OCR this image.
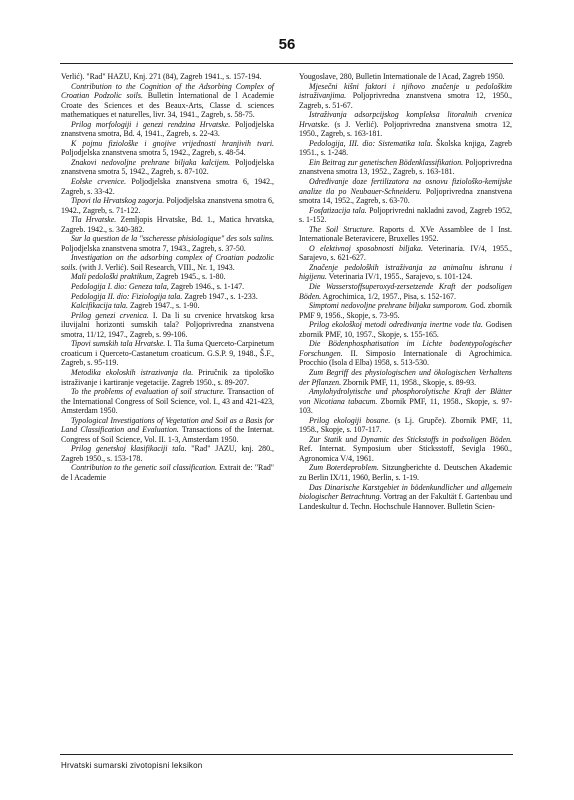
56

Verlić). "Rad" HAZU, Knj. 271 (84), Zagreb 1941., s. 157-194.

Contribution to the Cognition of the Adsorbing Complex of Croatian Podzolic soils. Bulletin International de l Academie Croate des Sciences et des Beaux-Arts, Classe d. sciences mathematiques et naturelles, livr. 34, 1941., Zagreb, s. 58-75.

Prilog morfologiji i genezi rendzina Hrvatske. Poljodjelska znanstvena smotra, Bd. 4, 1941., Zagreb, s. 22-43.

K pojmu fiziološke i gnojive vrijednosti hranjivih tvari. Poljodjelska znanstvena smotra 5, 1942., Zagreb, s. 48-54.

Znakovi nedovoljne prehrane biljaka kalcijem. Poljodjelska znanstvena smotra 5, 1942., Zagreb, s. 87-102.

Eolske crvenice. Poljodjelska znanstvena smotra 6, 1942., Zagreb, s. 33-42.

Tipovi tla Hrvatskog zagorja. Poljodjelska znanstvena smotra 6, 1942., Zagreb, s. 71-122.

Tla Hrvatske. Zemljopis Hrvatske, Bd. 1., Matica hrvatska, Zagreb. 1942., s. 340-382.

Sur la question de la "sscheresse phisiologique" des sols salins. Poljodjelska znanstvena smotra 7, 1943., Zagreb, s. 37-50.

Investigation on the adsorbing complex of Croatian podzolic soils. (with J. Verlić). Soil Research, VIII., Nr. 1, 1943.

Mali pedološki praktikum, Zagreb 1945., s. 1-80.

Pedologija I. dio: Geneza tala, Zagreb 1946., s. 1-147.

Pedologija II. dio: Fiziologija tala. Zagreb 1947., s. 1-233.

Kalcifikacija tala. Zagreb 1947., s. 1-90.

Prilog genezi crvenica. I. Da li su crvenice hrvatskog krsa iluvijalni horizonti sumskih tala? Poljoprivredna znanstvena smotra, 11/12, 1947., Zagreb, s. 99-106.

Tipovi sumskih tala Hrvatske. I. Tla šuma Querceto-Carpinetum croaticum i Querceto-Castanetum croaticum. G.S.P. 9, 1948., Š.F., Zagreb, s. 95-119.

Metodika ekoloskih istrazivanja tla. Priručnik za tipološko istraživanje i kartiranje vegetacije. Zagreb 1950., s. 89-207.

To the problems of evaluation of soil structure. Transaction of the International Congress of Soil Science, vol. I., 43 and 421-423, Amsterdam 1950.

Typological Investigations of Vegetation and Soil as a Basis for Land Classification and Evaluation. Transactions of the Internat. Congress of Soil Science, Vol. II. 1-3, Amsterdam 1950.

Prilog genetskoj klasifikaciji tala. "Rad" JAZU, knj. 280., Zagreb 1950., s. 153-178.

Contribution to the genetic soil classification. Extrait de: "Rad" de l Academie

Yougoslave, 280, Bulletin Internationale de l Acad, Zagreb 1950.

Mjesečni kišni faktori i njihovo značenje u pedološkim istraživanjima. Poljoprivredna znanstvena smotra 12, 1950., Zagreb, s. 51-67.

Istraživanja adsorpcijskog kompleksa litoralnih crvenica Hrvatske. (s J. Verlić). Poljoprivredna znanstvena smotra 12, 1950., Zagreb, s. 163-181.

Pedologija, III. dio: Sistematika tala. Školska knjiga, Zagreb 1951., s. 1-248.

Ein Beitrag zur genetischen Bödenklassifikation. Poljoprivredna znanstvena smotra 13, 1952., Zagreb, s. 163-181.

Određivanje doze fertilizatora na osnovu fiziološko-kemijske analize tla po Neubauer-Schneideru. Poljoprivredna znanstvena smotra 14, 1952., Zagreb, s. 63-70.

Fosfatizacija tala. Poljoprivredni nakladni zavod, Zagreb 1952, s. 1-152.

The Soil Structure. Raports d. XVe Assamblee de l Inst. Internationale Beteravicere, Bruxelles 1952.

O elektivnoj sposobnosti biljaka. Veterinaria. IV/4, 1955., Sarajevo, s. 621-627.

Značenje pedoloških istraživanja za animalnu ishranu i higijenu. Veterinaria IV/1, 1955., Sarajevo, s. 101-124.

Die Wasserstoffsuperoxyd-zersetzende Kraft der podsoligen Böden. Agrochimica, 1/2, 1957., Pisa, s. 152-167.

Simptomi nedovoljne prehrane biljaka sumporom. God. zbornik PMF 9, 1956., Skopje, s. 73-95.

Prilog ekološkoj metodi određivanja inertne vode tla. Godisen zbornik PMF, 10, 1957., Skopje, s. 155-165.

Die Bödenphosphatisation im Lichte bodentypologischer Forschungen. II. Simposio Internationale di Agrochimica. Procchio (Isola d Elba) 1958, s. 513-530.

Zum Begriff des physiologischen und ökologischen Verhaltens der Pflanzen. Zbornik PMF, 11, 1958., Skopje, s. 89-93.

Amylohydrolytische und phosphorolytische Kraft der Blätter von Nicotiana tabacum. Zbornik PMF, 11, 1958., Skopje, s. 97-103.

Prilog ekologiji bosane. (s Lj. Grupče). Zbornik PMF, 11, 1958., Skopje, s. 107-117.

Zur Statik und Dynamic des Stickstoffs in podsoligen Böden. Ref. Internat. Symposium uber Sticksstoff, Sevigla 1960., Agronomica V/4, 1961.

Zum Boterdeproblem. Sitzungberichte d. Deutschen Akademic zu Berlin IX/11, 1960, Berlin, s. 1-19.

Das Dinarische Karstgebiet in bödenkundlicher und allgemein biologischer Betrachtung. Vortrag an der Fakultät f. Gartenbau und Landeskultur d. Techn. Hochschule Hannover. Bulletin Scien-

Hrvatski sumarski zivotopisni leksikon
